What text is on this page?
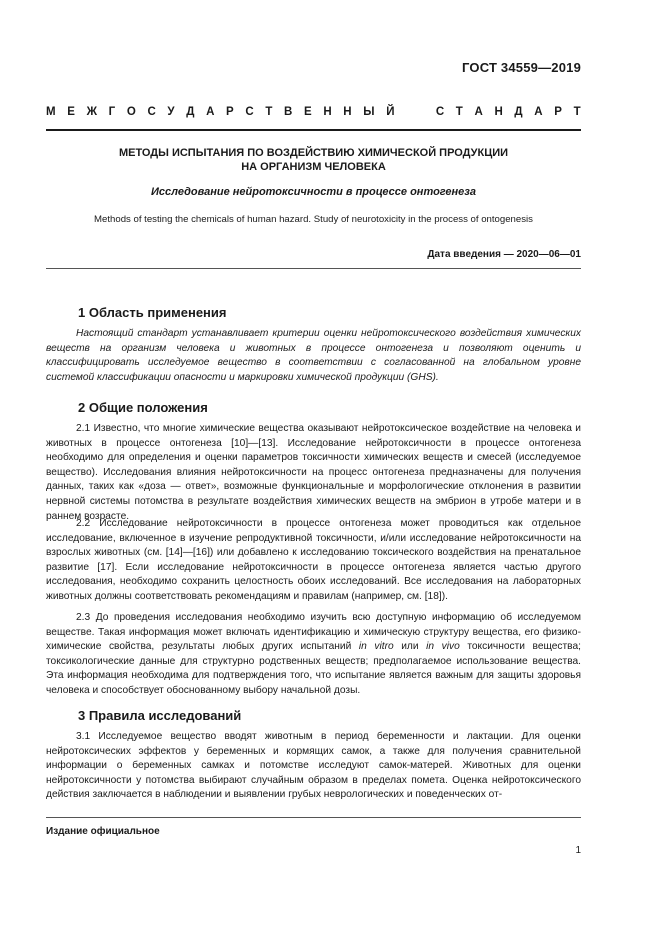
ГОСТ 34559—2019
М Е Ж Г О С У Д А Р С Т В Е Н Н Ы Й

	С Т А Н Д А Р Т
МЕТОДЫ ИСПЫТАНИЯ ПО ВОЗДЕЙСТВИЮ ХИМИЧЕСКОЙ ПРОДУКЦИИ
НА ОРГАНИЗМ ЧЕЛОВЕКА
Исследование нейротоксичности в процессе онтогенеза
Methods of testing the chemicals of human hazard. Study of neurotoxicity in the process of ontogenesis
Дата введения — 2020—06—01
1 Область применения

Настоящий стандарт устанавливает критерии оценки нейротоксического воздействия химических веществ на организм человека и животных в процессе онтогенеза и позволяют оценить и классифицировать исследуемое вещество в соответствии с согласованной на глобальном уровне системой классификации опасности и маркировки химической продукции (GHS).

2 Общие положения

2.1 Известно, что многие химические вещества оказывают нейротоксическое воздействие на человека и животных в процессе онтогенеза [10]—[13]. Исследование нейротоксичности в процессе онтогенеза необходимо для определения и оценки параметров токсичности химических веществ и смесей (исследуемое вещество). Исследования влияния нейротоксичности на процесс онтогенеза предназначены для получения данных, таких как «доза — ответ», возможные функциональные и морфологические отклонения в развитии нервной системы потомства в результате воздействия химических веществ на эмбрион в утробе матери и в раннем возрасте.

2.2 Исследование нейротоксичности в процессе онтогенеза может проводиться как отдельное исследование, включенное в изучение репродуктивной токсичности, и/или исследование нейротоксичности на взрослых животных (см. [14]—[16]) или добавлено к исследованию токсического воздействия на пренатальное развитие [17]. Если исследование нейротоксичности в процессе онтогенеза является частью другого исследования, необходимо сохранить целостность обоих исследований. Все исследования на лабораторных животных должны соответствовать рекомендациям и правилам (например, см. [18]).

2.3 До проведения исследования необходимо изучить всю доступную информацию об исследуемом веществе. Такая информация может включать идентификацию и химическую структуру вещества, его физико-химические свойства, результаты любых других испытаний in vitro или in vivo токсичности вещества; токсикологические данные для структурно родственных веществ; предполагаемое использование вещества. Эта информация необходима для подтверждения того, что испытание является важным для защиты здоровья человека и способствует обоснованному выбору начальной дозы.

3 Правила исследований

3.1 Исследуемое вещество вводят животным в период беременности и лактации. Для оценки нейротоксических эффектов у беременных и кормящих самок, а также для получения сравнительной информации о беременных самках и потомстве исследуют самок-матерей. Животных для оценки нейротоксичности у потомства выбирают случайным образом в пределах помета. Оценка нейротоксического действия заключается в наблюдении и выявлении грубых неврологических и поведенческих от-

Издание официальное
1
